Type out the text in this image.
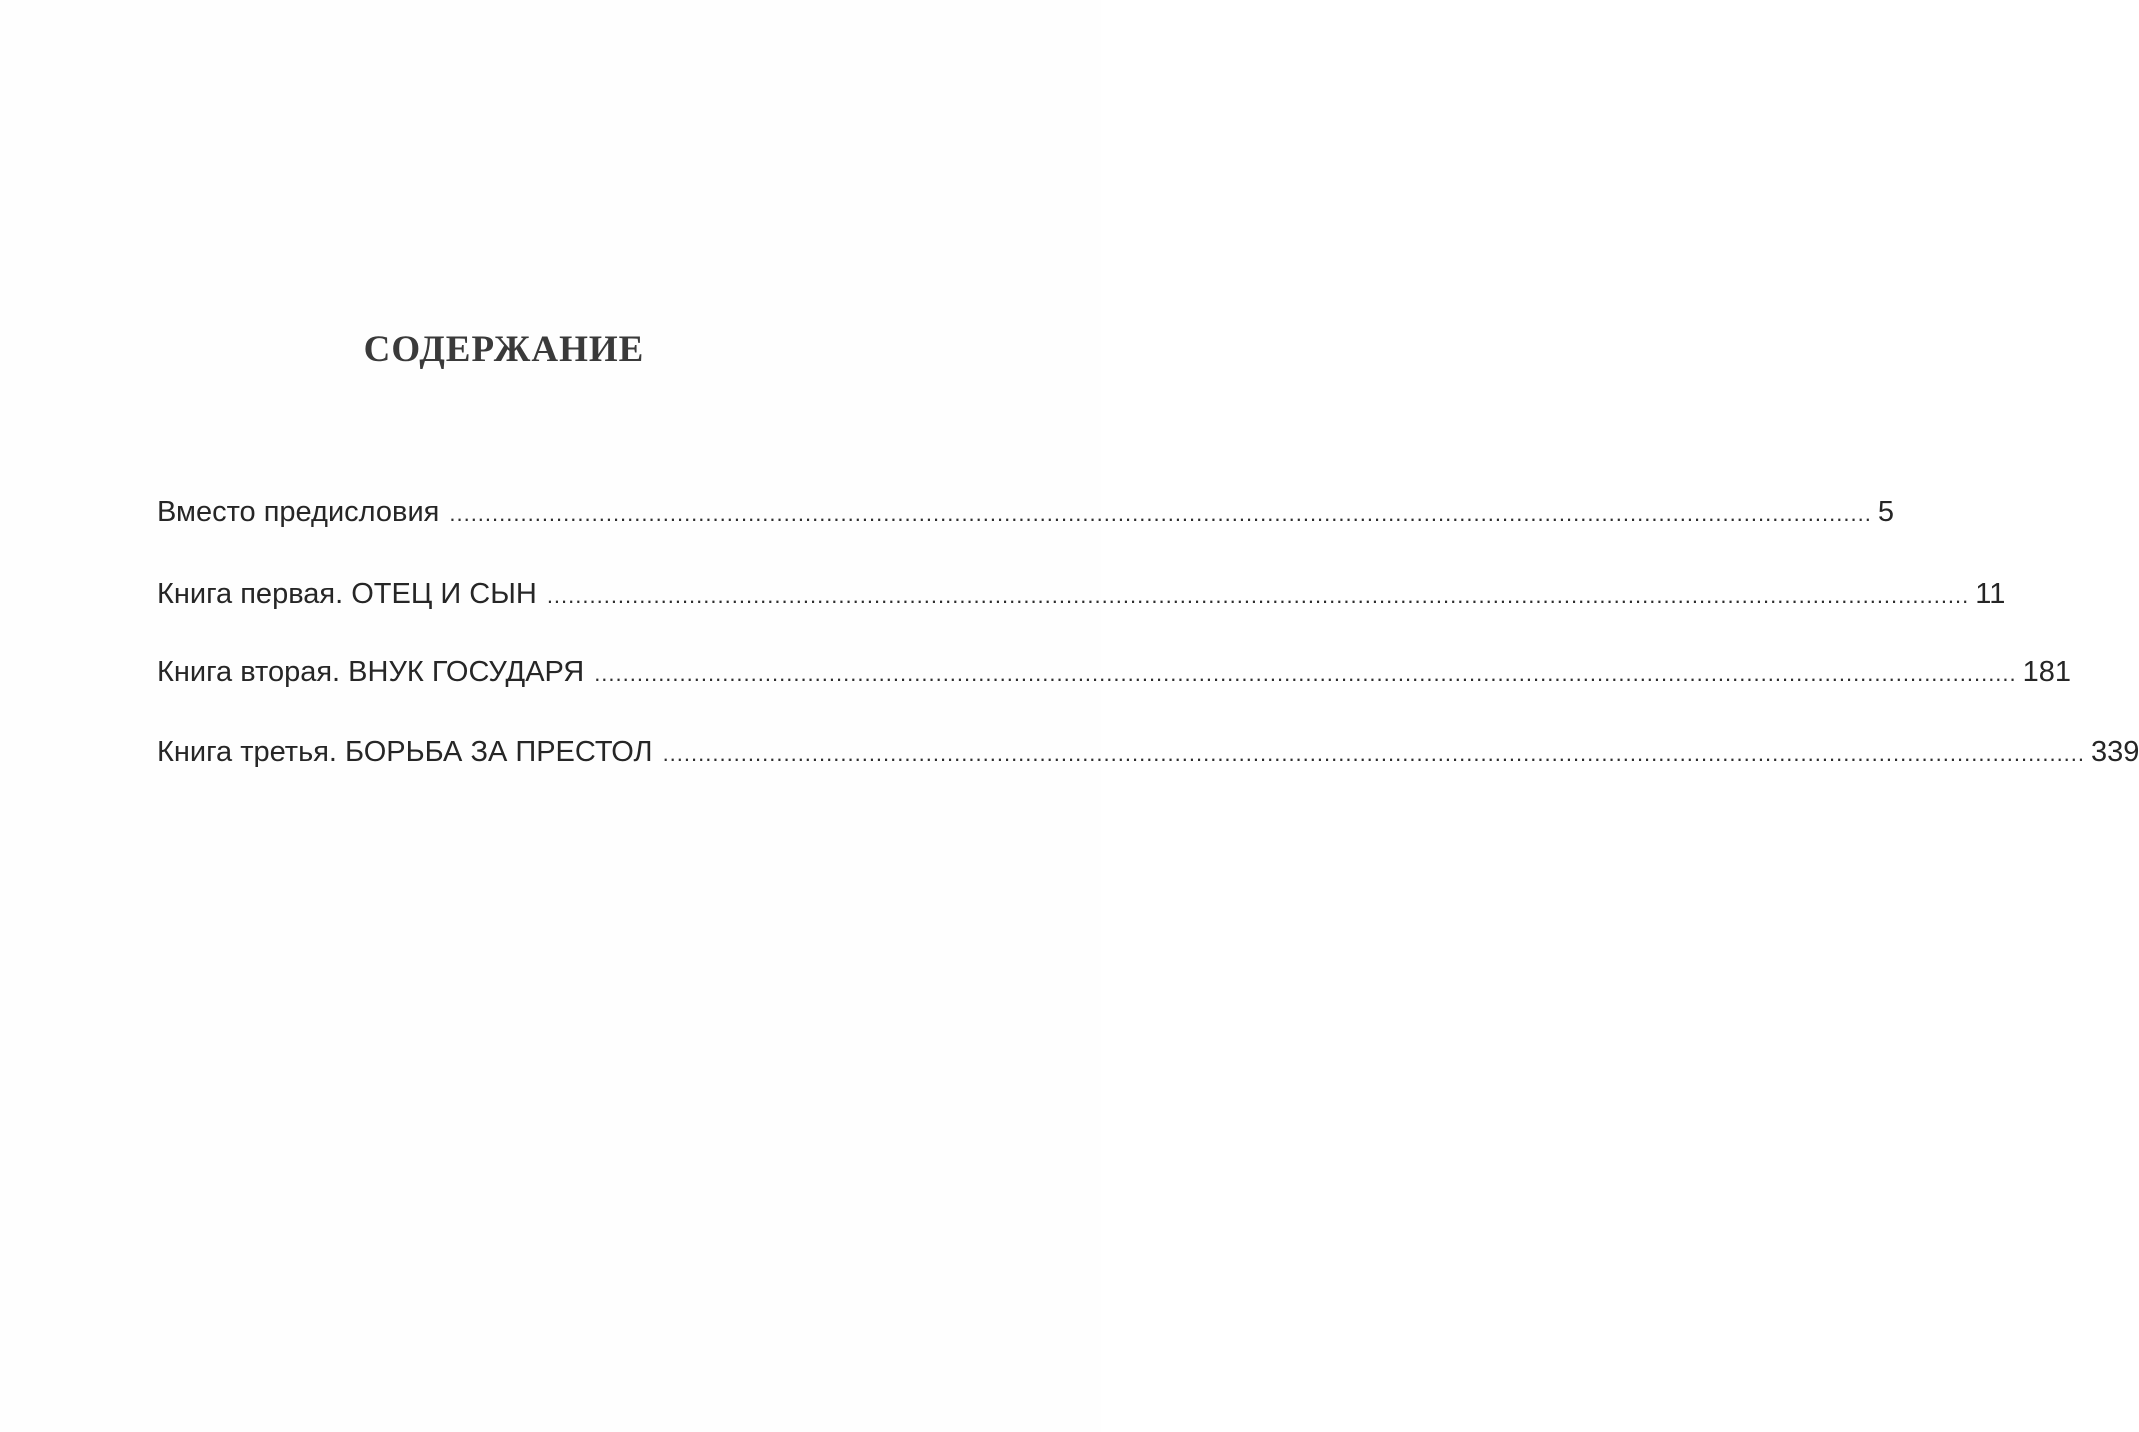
СОДЕРЖАНИЕ
Вместо предисловия ........................................................................................................................................................................................................ 5
Книга первая. ОТЕЦ И СЫН ........................................................................................................................................................................................................ 11
Книга вторая. ВНУК ГОСУДАРЯ ........................................................................................................................................................................................................ 181
Книга третья. БОРЬБА ЗА ПРЕСТОЛ ........................................................................................................................................................................................................ 339
